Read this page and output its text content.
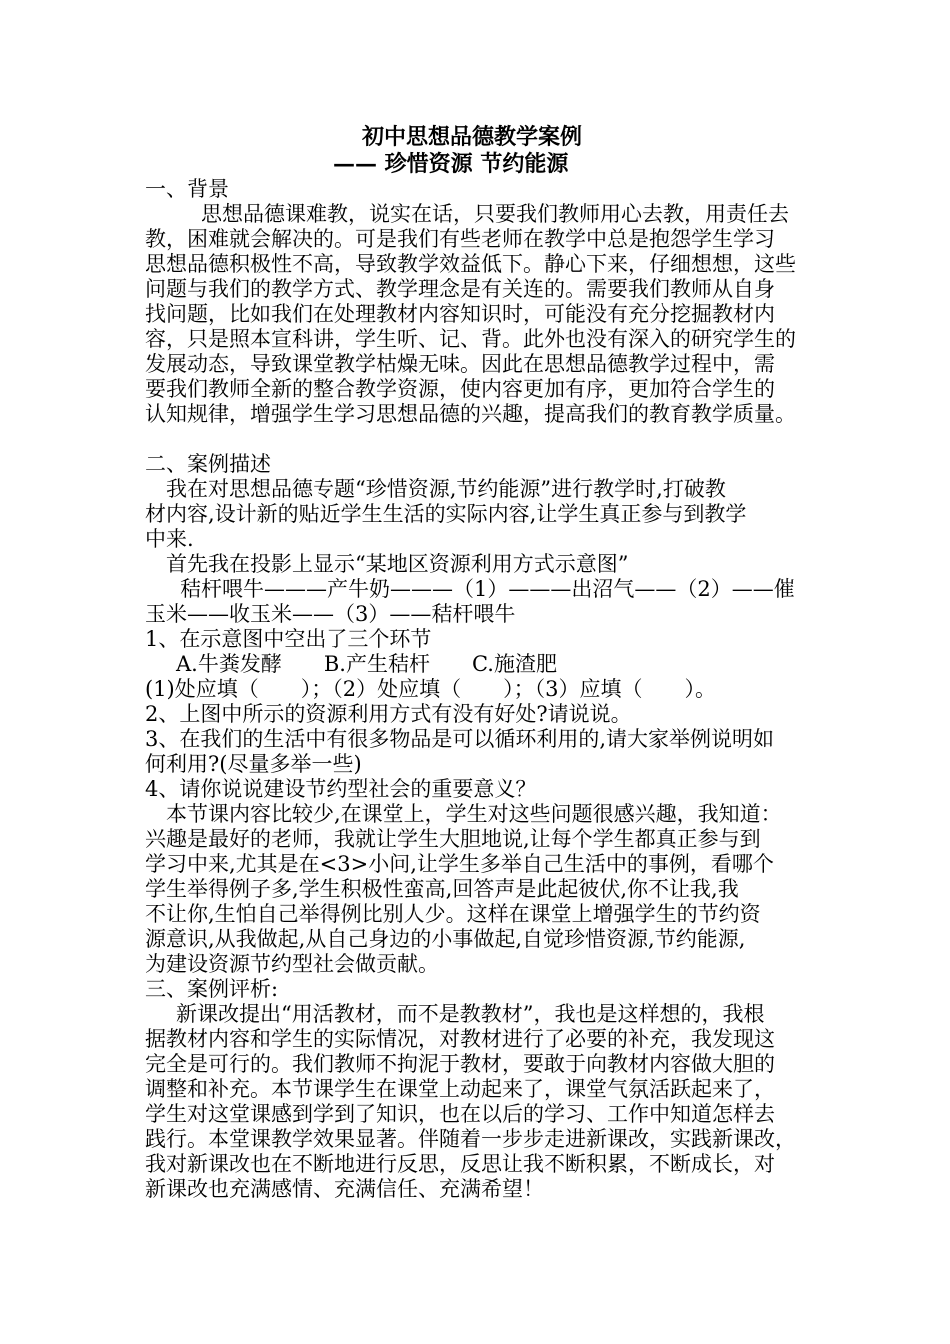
初中思想品德教学案例
—— 珍惜资源 节约能源
一、背景
思想品德课难教，说实在话，只要我们教师用心去教，用责任去
教，困难就会解决的。可是我们有些老师在教学中总是抱怨学生学习
思想品德积极性不高，导致教学效益低下。静心下来，仔细想想，这些
问题与我们的教学方式、教学理念是有关连的。需要我们教师从自身
找问题，比如我们在处理教材内容知识时，可能没有充分挖掘教材内
容，只是照本宣科讲，学生听、记、背。此外也没有深入的研究学生的
发展动态，导致课堂教学枯燥无味。因此在思想品德教学过程中，需
要我们教师全新的整合教学资源，使内容更加有序，更加符合学生的
认知规律，增强学生学习思想品德的兴趣，提高我们的教育教学质量。
二、案例描述
我在对思想品德专题“珍惜资源,节约能源”进行教学时,打破教
材内容,设计新的贴近学生生活的实际内容,让学生真正参与到教学
中来.
首先我在投影上显示“某地区资源利用方式示意图”
秸杆喂牛———产牛奶———（1）———出沼气——（2）——催
玉米——收玉米——（3）——秸杆喂牛
1、在示意图中空出了三个环节
A.牛粪发酵　　B.产生秸杆　　C.施渣肥
(1)处应填（　　）；（2）处应填（　　）；（3）应填（　　）。
2、上图中所示的资源利用方式有没有好处?请说说。
3、在我们的生活中有很多物品是可以循环利用的,请大家举例说明如
何利用?(尽量多举一些)
4、请你说说建设节约型社会的重要意义？
本节课内容比较少,在课堂上，学生对这些问题很感兴趣，我知道：
兴趣是最好的老师，我就让学生大胆地说,让每个学生都真正参与到
学习中来,尤其是在<3>小问,让学生多举自己生活中的事例，看哪个
学生举得例子多,学生积极性蛮高,回答声是此起彼伏,你不让我,我
不让你,生怕自己举得例比别人少。这样在课堂上增强学生的节约资
源意识,从我做起,从自己身边的小事做起,自觉珍惜资源,节约能源,
为建设资源节约型社会做贡献。
三、案例评析:
新课改提出“用活教材，而不是教教材”，我也是这样想的，我根
据教材内容和学生的实际情况，对教材进行了必要的补充，我发现这
完全是可行的。我们教师不拘泥于教材，要敢于向教材内容做大胆的
调整和补充。本节课学生在课堂上动起来了，课堂气氛活跃起来了，
学生对这堂课感到学到了知识，也在以后的学习、工作中知道怎样去
践行。本堂课教学效果显著。伴随着一步步走进新课改，实践新课改，
我对新课改也在不断地进行反思，反思让我不断积累，不断成长，对
新课改也充满感情、充满信任、充满希望！
